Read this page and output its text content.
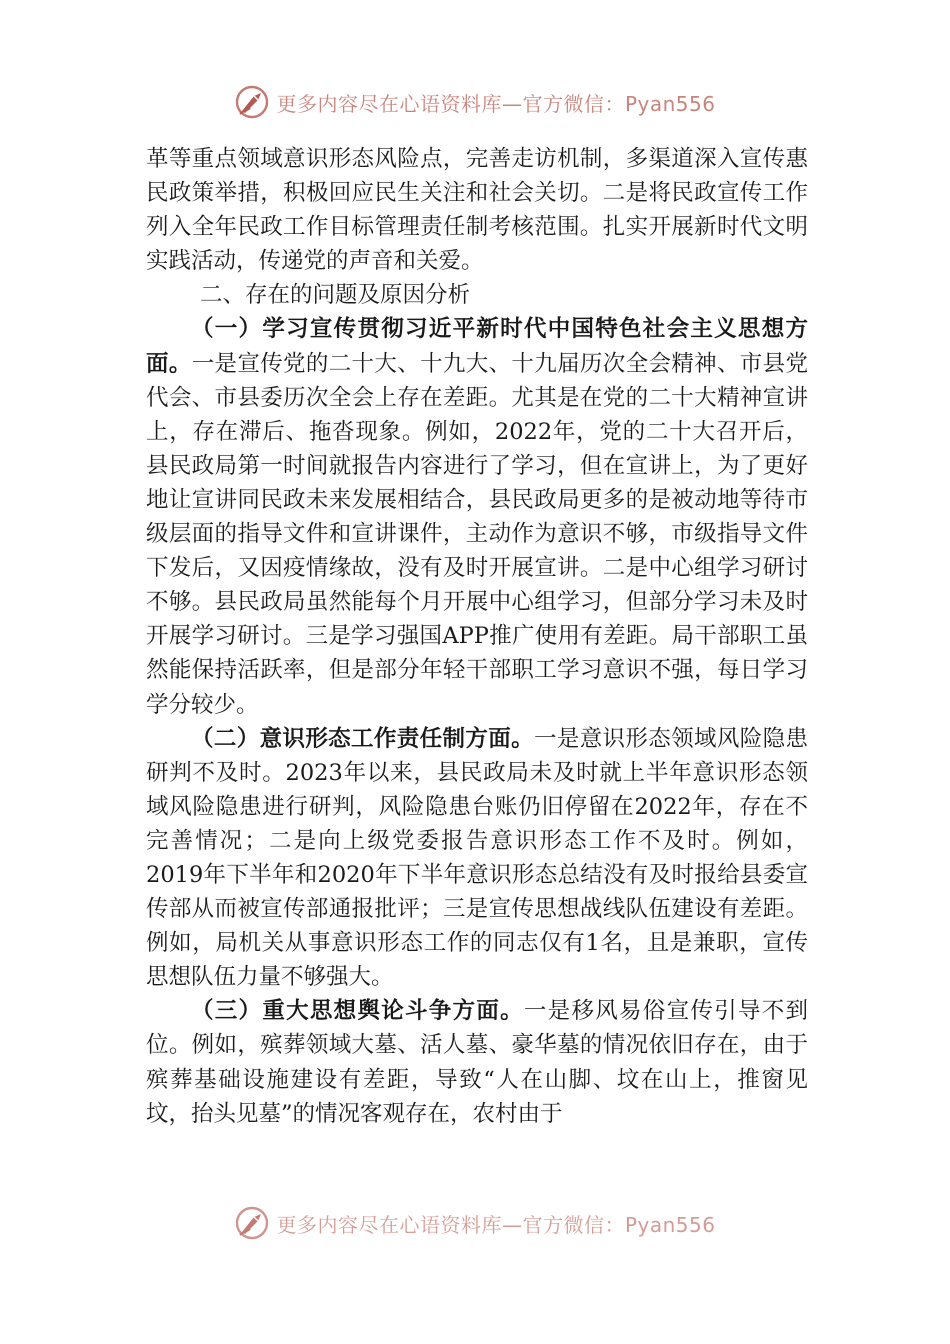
更多内容尽在心语资料库—官方微信：Pyan556

革等重点领域意识形态风险点，完善走访机制，多渠道深入宣传惠民政策举措，积极回应民生关注和社会关切。二是将民政宣传工作列入全年民政工作目标管理责任制考核范围。扎实开展新时代文明实践活动，传递党的声音和关爱。

二、存在的问题及原因分析

（一）学习宣传贯彻习近平新时代中国特色社会主义思想方面。一是宣传党的二十大、十九大、十九届历次全会精神、市县党代会、市县委历次全会上存在差距。尤其是在党的二十大精神宣讲上，存在滞后、拖沓现象。例如，2022年，党的二十大召开后，县民政局第一时间就报告内容进行了学习，但在宣讲上，为了更好地让宣讲同民政未来发展相结合，县民政局更多的是被动地等待市级层面的指导文件和宣讲课件，主动作为意识不够，市级指导文件下发后，又因疫情缘故，没有及时开展宣讲。二是中心组学习研讨不够。县民政局虽然能每个月开展中心组学习，但部分学习未及时开展学习研讨。三是学习强国APP推广使用有差距。局干部职工虽然能保持活跃率，但是部分年轻干部职工学习意识不强，每日学习学分较少。

（二）意识形态工作责任制方面。一是意识形态领域风险隐患研判不及时。2023年以来，县民政局未及时就上半年意识形态领域风险隐患进行研判，风险隐患台账仍旧停留在2022年，存在不完善情况；二是向上级党委报告意识形态工作不及时。例如，2019年下半年和2020年下半年意识形态总结没有及时报给县委宣传部从而被宣传部通报批评；三是宣传思想战线队伍建设有差距。例如，局机关从事意识形态工作的同志仅有1名，且是兼职，宣传思想队伍力量不够强大。

（三）重大思想舆论斗争方面。一是移风易俗宣传引导不到位。例如，殡葬领域大墓、活人墓、豪华墓的情况依旧存在，由于殡葬基础设施建设有差距，导致“人在山脚、坟在山上，推窗见坟，抬头见墓”的情况客观存在，农村由于

更多内容尽在心语资料库—官方微信：Pyan556
